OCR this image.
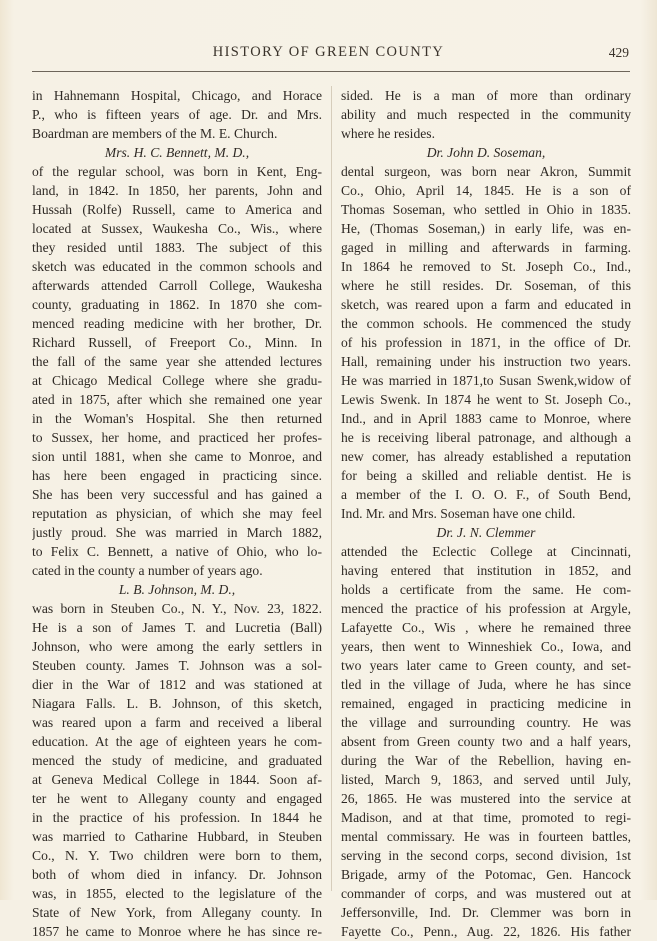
HISTORY OF GREEN COUNTY	429
in Hahnemann Hospital, Chicago, and Horace
P., who is fifteen years of age. Dr. and Mrs.
Boardman are members of the M. E. Church.
Mrs. H. C. Bennett, M. D.,
of the regular school, was born in Kent, Eng-
land, in 1842. In 1850, her parents, John and
Hussah (Rolfe) Russell, came to America and
located at Sussex, Waukesha Co., Wis., where
they resided until 1883. The subject of this
sketch was educated in the common schools and
afterwards attended Carroll College, Waukesha
county, graduating in 1862. In 1870 she com-
menced reading medicine with her brother, Dr.
Richard Russell, of Freeport Co., Minn. In
the fall of the same year she attended lectures
at Chicago Medical College where she gradu-
ated in 1875, after which she remained one year
in the Woman's Hospital. She then returned
to Sussex, her home, and practiced her profes-
sion until 1881, when she came to Monroe, and
has here been engaged in practicing since.
She has been very successful and has gained a
reputation as physician, of which she may feel
justly proud. She was married in March 1882,
to Felix C. Bennett, a native of Ohio, who lo-
cated in the county a number of years ago.
L. B. Johnson, M. D.,
was born in Steuben Co., N. Y., Nov. 23, 1822.
He is a son of James T. and Lucretia (Ball)
Johnson, who were among the early settlers in
Steuben county. James T. Johnson was a sol-
dier in the War of 1812 and was stationed at
Niagara Falls. L. B. Johnson, of this sketch,
was reared upon a farm and received a liberal
education. At the age of eighteen years he com-
menced the study of medicine, and graduated
at Geneva Medical College in 1844. Soon af-
ter he went to Allegany county and engaged
in the practice of his profession. In 1844 he
was married to Catharine Hubbard, in Steuben
Co., N. Y. Two children were born to them,
both of whom died in infancy. Dr. Johnson
was, in 1855, elected to the legislature of the
State of New York, from Allegany county. In
1857 he came to Monroe where he has since re-
sided. He is a man of more than ordinary
ability and much respected in the community
where he resides.
Dr. John D. Soseman,
dental surgeon, was born near Akron, Summit
Co., Ohio, April 14, 1845. He is a son of
Thomas Soseman, who settled in Ohio in 1835.
He, (Thomas Soseman,) in early life, was en-
gaged in milling and afterwards in farming.
In 1864 he removed to St. Joseph Co., Ind.,
where he still resides. Dr. Soseman, of this
sketch, was reared upon a farm and educated in
the common schools. He commenced the study
of his profession in 1871, in the office of Dr.
Hall, remaining under his instruction two years.
He was married in 1871,to Susan Swenk,widow of
Lewis Swenk. In 1874 he went to St. Joseph Co.,
Ind., and in April 1883 came to Monroe, where
he is receiving liberal patronage, and although a
new comer, has already established a reputation
for being a skilled and reliable dentist. He is
a member of the I. O. O. F., of South Bend,
Ind. Mr. and Mrs. Soseman have one child.
Dr. J. N. Clemmer
attended the Eclectic College at Cincinnati,
having entered that institution in 1852, and
holds a certificate from the same. He com-
menced the practice of his profession at Argyle,
Lafayette Co., Wis , where he remained three
years, then went to Winneshiek Co., Iowa, and
two years later came to Green county, and set-
tled in the village of Juda, where he has since
remained, engaged in practicing medicine in
the village and surrounding country. He was
absent from Green county two and a half years,
during the War of the Rebellion, having en-
listed, March 9, 1863, and served until July,
26, 1865. He was mustered into the service at
Madison, and at that time, promoted to regi-
mental commissary. He was in fourteen battles,
serving in the second corps, second division, 1st
Brigade, army of the Potomac, Gen. Hancock
commander of corps, and was mustered out at
Jeffersonville, Ind. Dr. Clemmer was born in
Fayette Co., Penn., Aug. 22, 1826. His father
